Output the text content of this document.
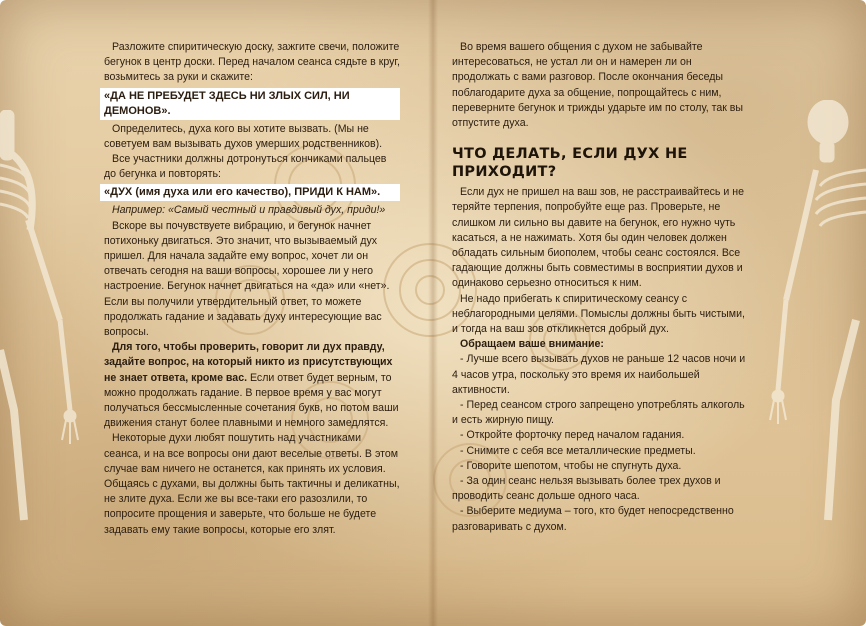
Разложите спиритическую доску, зажгите свечи, положите бегунок в центр доски. Перед началом сеанса сядьте в круг, возьмитесь за руки и скажите:

«ДА НЕ ПРЕБУДЕТ ЗДЕСЬ НИ ЗЛЫХ СИЛ, НИ ДЕМОНОВ».

Определитесь, духа кого вы хотите вызвать. (Мы не советуем вам вызывать духов умерших родственников).

Все участники должны дотронуться кончиками пальцев до бегунка и повторять:

«ДУХ (имя духа или его качество), ПРИДИ К НАМ».

Например: «Самый честный и правдивый дух, приди!»

Вскоре вы почувствуете вибрацию, и бегунок начнет потихоньку двигаться. Это значит, что вызываемый дух пришел. Для начала задайте ему вопрос, хочет ли он отвечать сегодня на ваши вопросы, хорошее ли у него настроение. Бегунок начнет двигаться на «да» или «нет». Если вы получили утвердительный ответ, то можете продолжать гадание и задавать духу интересующие вас вопросы.

Для того, чтобы проверить, говорит ли дух правду, задайте вопрос, на который никто из присутствующих не знает ответа, кроме вас. Если ответ будет верным, то можно продолжать гадание. В первое время у вас могут получаться бессмысленные сочетания букв, но потом ваши движения станут более плавными и немного замедлятся.

Некоторые духи любят пошутить над участниками сеанса, и на все вопросы они дают веселые ответы. В этом случае вам ничего не останется, как принять их условия. Общаясь с духами, вы должны быть тактичны и деликатны, не злите духа. Если же вы все-таки его разозлили, то попросите прощения и заверьте, что больше не будете задавать ему такие вопросы, которые его злят.

Во время вашего общения с духом не забывайте интересоваться, не устал ли он и намерен ли он продолжать с вами разговор. После окончания беседы поблагодарите духа за общение, попрощайтесь с ним, переверните бегунок и трижды ударьте им по столу, так вы отпустите духа.

ЧТО ДЕЛАТЬ, ЕСЛИ ДУХ НЕ ПРИХОДИТ?

Если дух не пришел на ваш зов, не расстраивайтесь и не теряйте терпения, попробуйте еще раз. Проверьте, не слишком ли сильно вы давите на бегунок, его нужно чуть касаться, а не нажимать. Хотя бы один человек должен обладать сильным биополем, чтобы сеанс состоялся. Все гадающие должны быть совместимы в восприятии духов и одинаково серьезно относиться к ним.

Не надо прибегать к спиритическому сеансу с неблагородными целями. Помыслы должны быть чистыми, и тогда на ваш зов откликнется добрый дух.

Обращаем ваше внимание:

- Лучше всего вызывать духов не раньше 12 часов ночи и 4 часов утра, поскольку это время их наибольшей активности.

- Перед сеансом строго запрещено употреблять алкоголь и есть жирную пищу.

- Откройте форточку перед началом гадания.

- Снимите с себя все металлические предметы.

- Говорите шепотом, чтобы не спугнуть духа.

- За один сеанс нельзя вызывать более трех духов и проводить сеанс дольше одного часа.

- Выберите медиума – того, кто будет непосредственно разговаривать с духом.
